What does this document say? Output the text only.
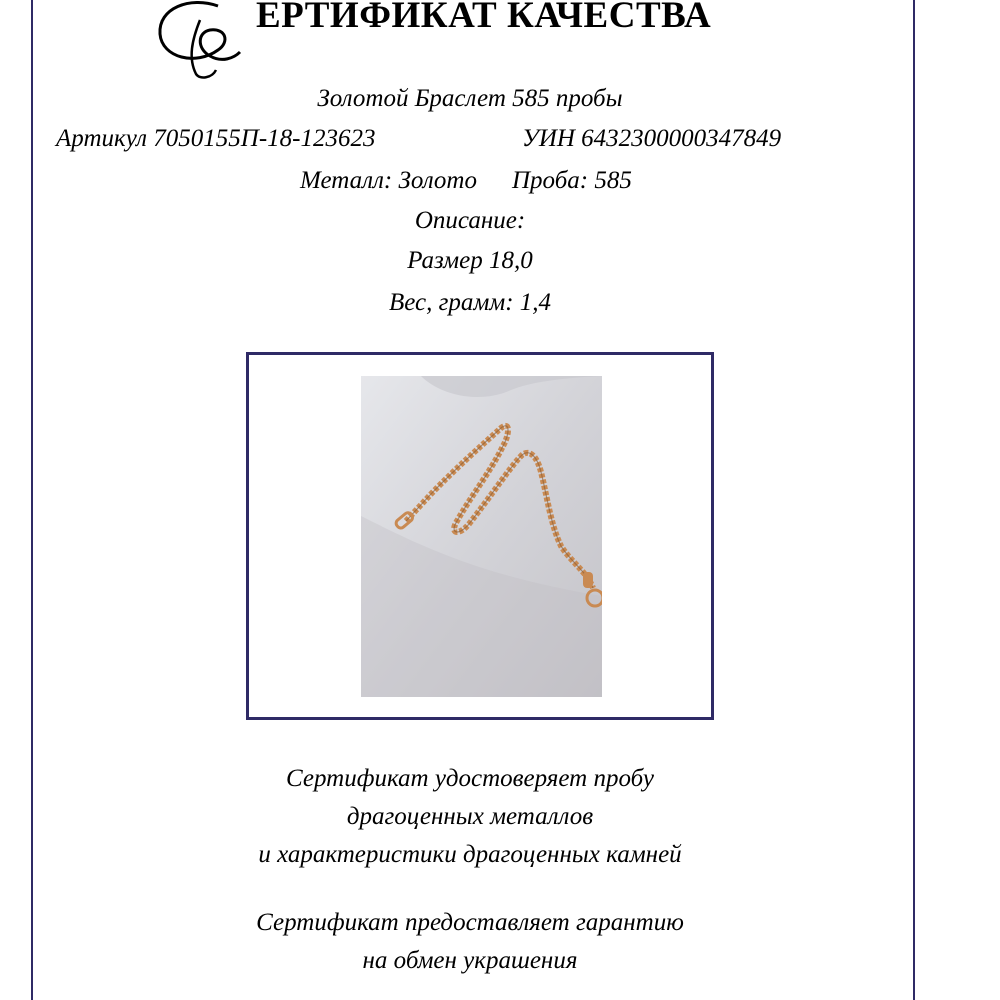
ЕРТИФИКАТ КАЧЕСТВА
Золотой Браслет 585 пробы
Артикул 7050155П-18-123623	УИН 6432300000347849
Металл: Золото Проба: 585
Описание:
Размер 18,0
Вес, грамм: 1,4
Сертификат удостоверяет пробу
драгоценных металлов
и характеристики драгоценных камней
Сертификат предоставляет гарантию
на обмен украшения
